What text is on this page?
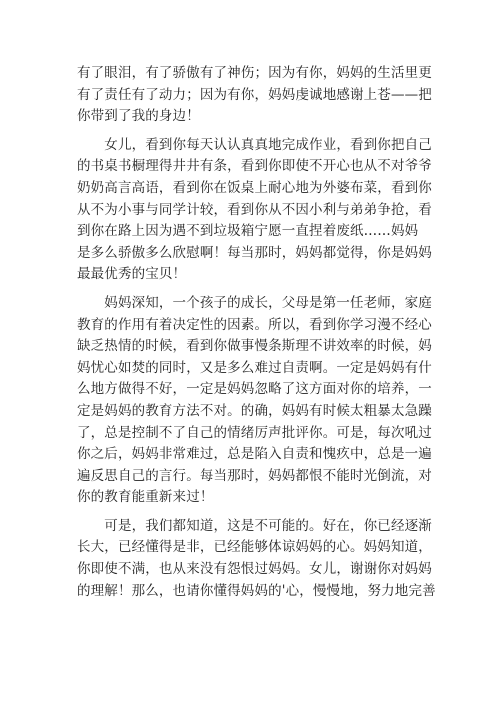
有了眼泪，有了骄傲有了神伤；因为有你，妈妈的生活里更
有了责任有了动力；因为有你，妈妈虔诚地感谢上苍——把
你带到了我的身边！
　　女儿，看到你每天认认真真地完成作业，看到你把自己
的书桌书橱理得井井有条，看到你即使不开心也从不对爷爷
奶奶高言高语，看到你在饭桌上耐心地为外婆布菜，看到你
从不为小事与同学计较，看到你从不因小利与弟弟争抢，看
到你在路上因为遇不到垃圾箱宁愿一直捏着废纸……妈妈
是多么骄傲多么欣慰啊！每当那时，妈妈都觉得，你是妈妈
最最优秀的宝贝！
　　妈妈深知，一个孩子的成长，父母是第一任老师，家庭
教育的作用有着决定性的因素。所以，看到你学习漫不经心
缺乏热情的时候，看到你做事慢条斯理不讲效率的时候，妈
妈忧心如焚的同时，又是多么难过自责啊。一定是妈妈有什
么地方做得不好，一定是妈妈忽略了这方面对你的培养，一
定是妈妈的教育方法不对。的确，妈妈有时候太粗暴太急躁
了，总是控制不了自己的情绪厉声批评你。可是，每次吼过
你之后，妈妈非常难过，总是陷入自责和愧疚中，总是一遍
遍反思自己的言行。每当那时，妈妈都恨不能时光倒流，对
你的教育能重新来过！
　　可是，我们都知道，这是不可能的。好在，你已经逐渐
长大，已经懂得是非，已经能够体谅妈妈的心。妈妈知道，
你即使不满，也从来没有怨恨过妈妈。女儿，谢谢你对妈妈
的理解！那么，也请你懂得妈妈的'心，慢慢地，努力地完善
